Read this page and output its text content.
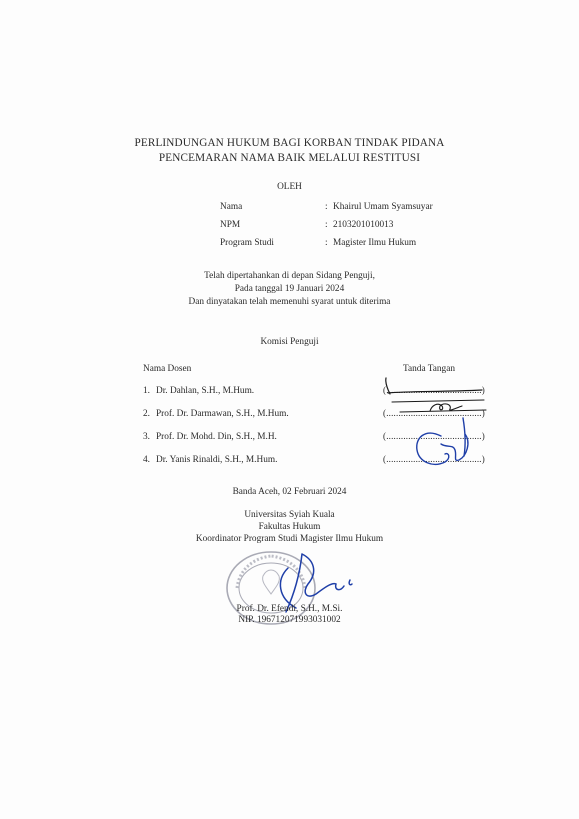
PERLINDUNGAN HUKUM BAGI KORBAN TINDAK PIDANA
PENCEMARAN NAMA BAIK MELALUI RESTITUSI
OLEH
Nama	: Khairul Umam Syamsuyar
NPM	: 2103201010013
Program Studi	: Magister Ilmu Hukum
Telah dipertahankan di depan Sidang Penguji,
Pada tanggal 19 Januari 2024
Dan dinyatakan telah memenuhi syarat untuk diterima
Komisi Penguji
Nama Dosen	Tanda Tangan
1. Dr. Dahlan, S.H., M.Hum.	(.......................................)
2. Prof. Dr. Darmawan, S.H., M.Hum.	(.......................................)
3. Prof. Dr. Mohd. Din, S.H., M.H.	(.......................................)
4. Dr. Yanis Rinaldi, S.H., M.Hum.	(.......................................)
Banda Aceh, 02 Februari 2024
Universitas Syiah Kuala
Fakultas Hukum
Koordinator Program Studi Magister Ilmu Hukum
Prof. Dr. Efendi, S.H., M.Si.
NIP. 196712071993031002
